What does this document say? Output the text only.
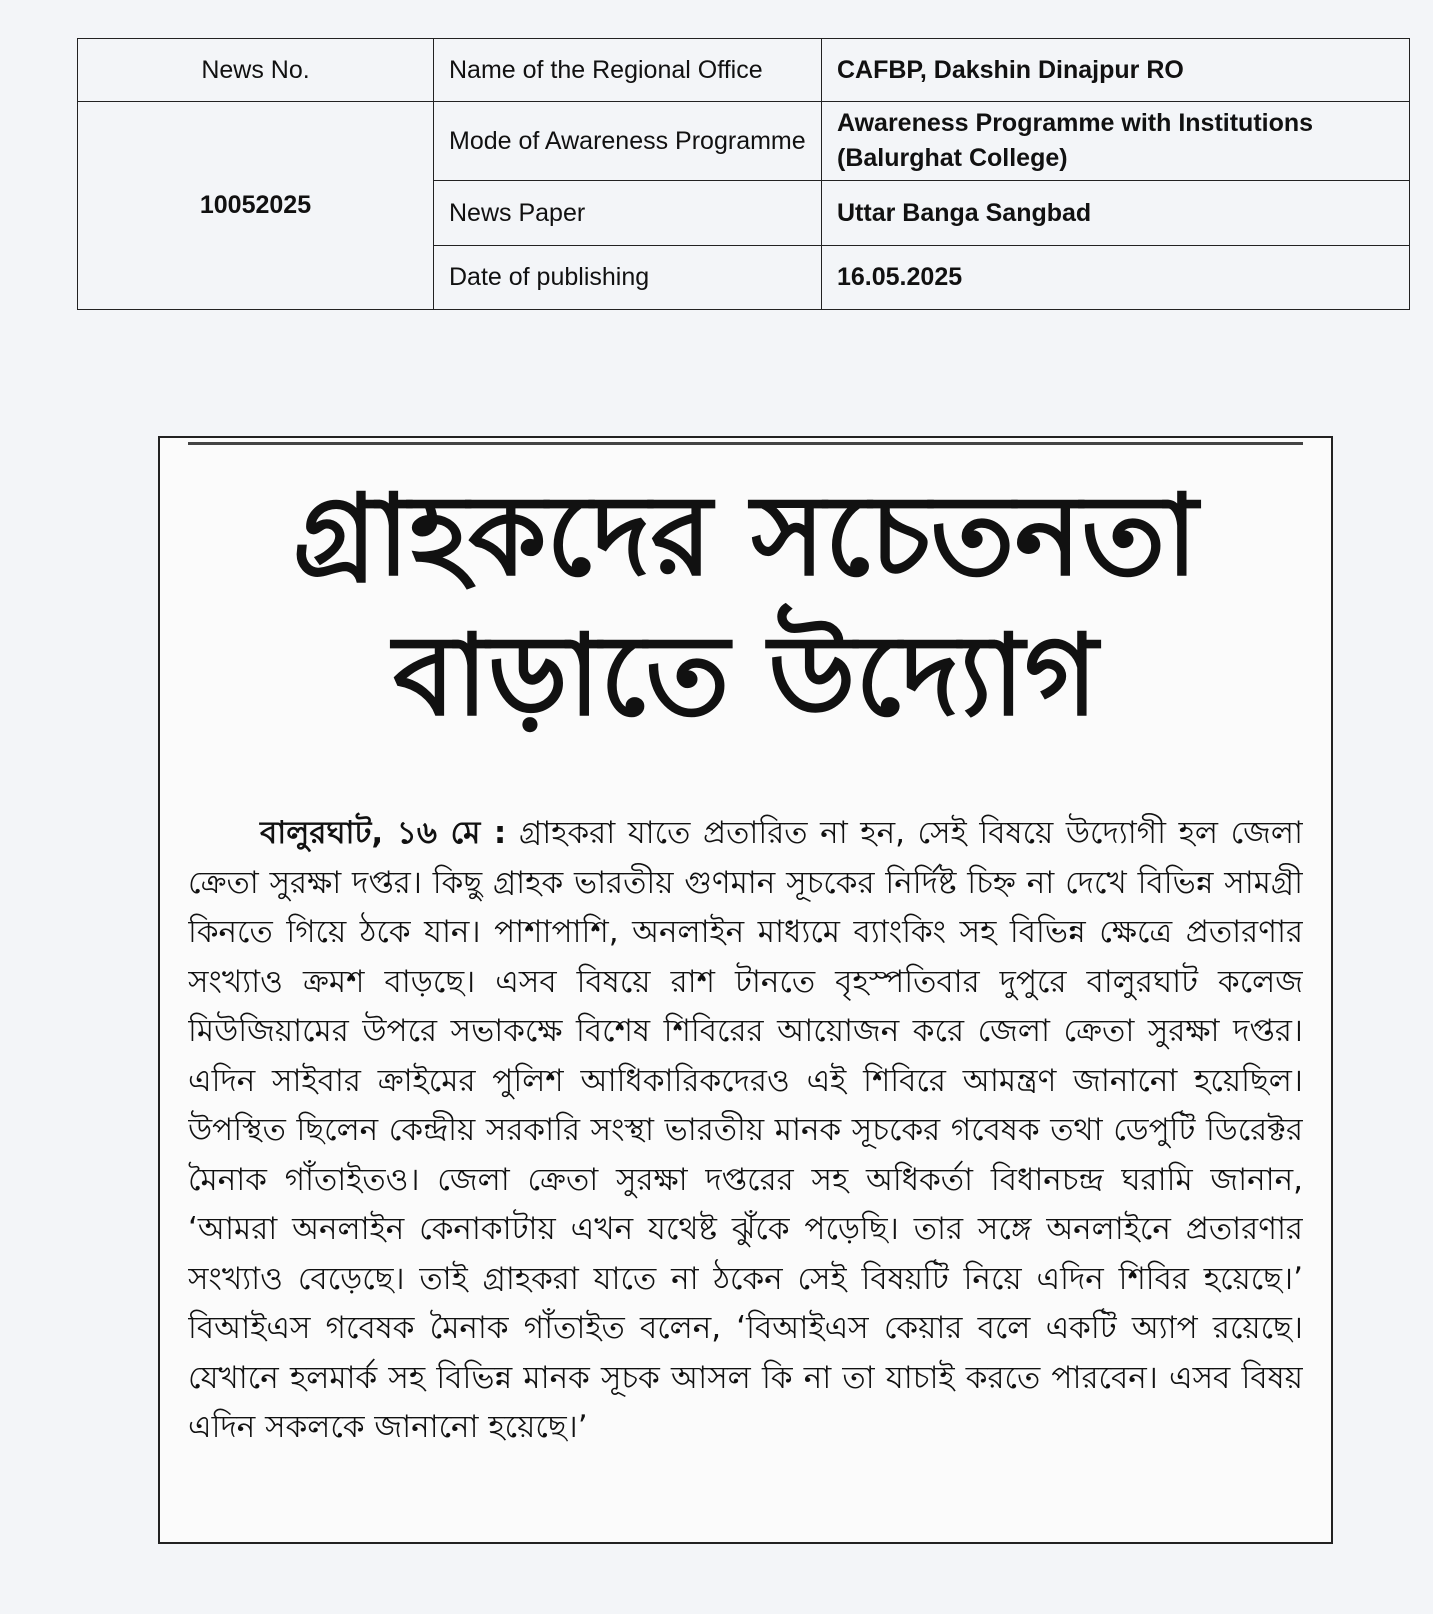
News No.	Name of the Regional Office	CAFBP, Dakshin Dinajpur RO
10052025	Mode of Awareness Programme	Awareness Programme with Institutions (Balurghat College)
	News Paper	Uttar Banga Sangbad
	Date of publishing	16.05.2025
গ্রাহকদের সচেতনতা
বাড়াতে উদ্যোগ

বালুরঘাট, ১৬ মে : গ্রাহকরা যাতে প্রতারিত না হন, সেই বিষয়ে উদ্যোগী হল জেলা ক্রেতা সুরক্ষা দপ্তর। কিছু গ্রাহক ভারতীয় গুণমান সূচকের নির্দিষ্ট চিহ্ন না দেখে বিভিন্ন সামগ্রী কিনতে গিয়ে ঠকে যান। পাশাপাশি, অনলাইন মাধ্যমে ব্যাংকিং সহ বিভিন্ন ক্ষেত্রে প্রতারণার সংখ্যাও ক্রমশ বাড়ছে। এসব বিষয়ে রাশ টানতে বৃহস্পতিবার দুপুরে বালুরঘাট কলেজ মিউজিয়ামের উপরে সভাকক্ষে বিশেষ শিবিরের আয়োজন করে জেলা ক্রেতা সুরক্ষা দপ্তর। এদিন সাইবার ক্রাইমের পুলিশ আধিকারিকদেরও এই শিবিরে আমন্ত্রণ জানানো হয়েছিল। উপস্থিত ছিলেন কেন্দ্রীয় সরকারি সংস্থা ভারতীয় মানক সূচকের গবেষক তথা ডেপুটি ডিরেক্টর মৈনাক গাঁতাইতও। জেলা ক্রেতা সুরক্ষা দপ্তরের সহ অধিকর্তা বিধানচন্দ্র ঘরামি জানান, ‘আমরা অনলাইন কেনাকাটায় এখন যথেষ্ট ঝুঁকে পড়েছি। তার সঙ্গে অনলাইনে প্রতারণার সংখ্যাও বেড়েছে। তাই গ্রাহকরা যাতে না ঠকেন সেই বিষয়টি নিয়ে এদিন শিবির হয়েছে।’ বিআইএস গবেষক মৈনাক গাঁতাইত বলেন, ‘বিআইএস কেয়ার বলে একটি অ্যাপ রয়েছে। যেখানে হলমার্ক সহ বিভিন্ন মানক সূচক আসল কি না তা যাচাই করতে পারবেন। এসব বিষয় এদিন সকলকে জানানো হয়েছে।’
